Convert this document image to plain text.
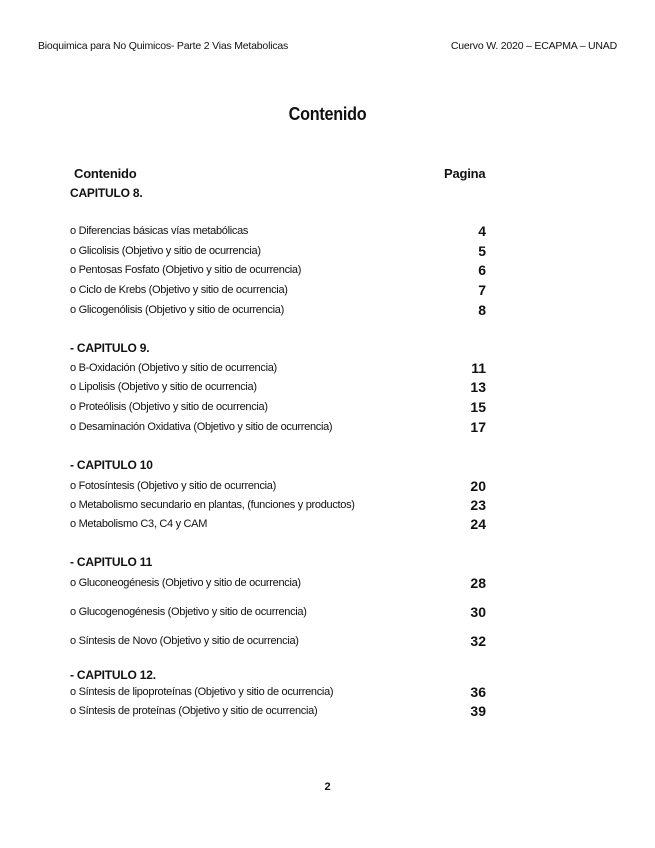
Bioquimica para No Quimicos- Parte 2 Vias Metabolicas	Cuervo W. 2020 – ECAPMA – UNAD
Contenido
Contenido	Pagina
CAPITULO 8.
o Diferencias básicas vías metabólicas	4
o Glicolisis (Objetivo y sitio de ocurrencia)	5
o Pentosas Fosfato (Objetivo y sitio de ocurrencia)	6
o Ciclo de Krebs (Objetivo y sitio de ocurrencia)	7
o Glicogenólisis (Objetivo y sitio de ocurrencia)	8
- CAPITULO 9.
o B-Oxidación (Objetivo y sitio de ocurrencia)	11
o Lipolisis (Objetivo y sitio de ocurrencia)	13
o Proteólisis (Objetivo y sitio de ocurrencia)	15
o Desaminación Oxidativa (Objetivo y sitio de ocurrencia)	17
- CAPITULO 10
o Fotosíntesis (Objetivo y sitio de ocurrencia)	20
o Metabolismo secundario en plantas, (funciones y productos)	23
o Metabolismo C3, C4 y CAM	24
- CAPITULO 11
o Gluconeogénesis (Objetivo y sitio de ocurrencia)	28
o Glucogenogénesis (Objetivo y sitio de ocurrencia)	30
o Síntesis de Novo (Objetivo y sitio de ocurrencia)	32
- CAPITULO 12.
o Síntesis de lipoproteínas (Objetivo y sitio de ocurrencia)	36
o Síntesis de proteínas (Objetivo y sitio de ocurrencia)	39
2
